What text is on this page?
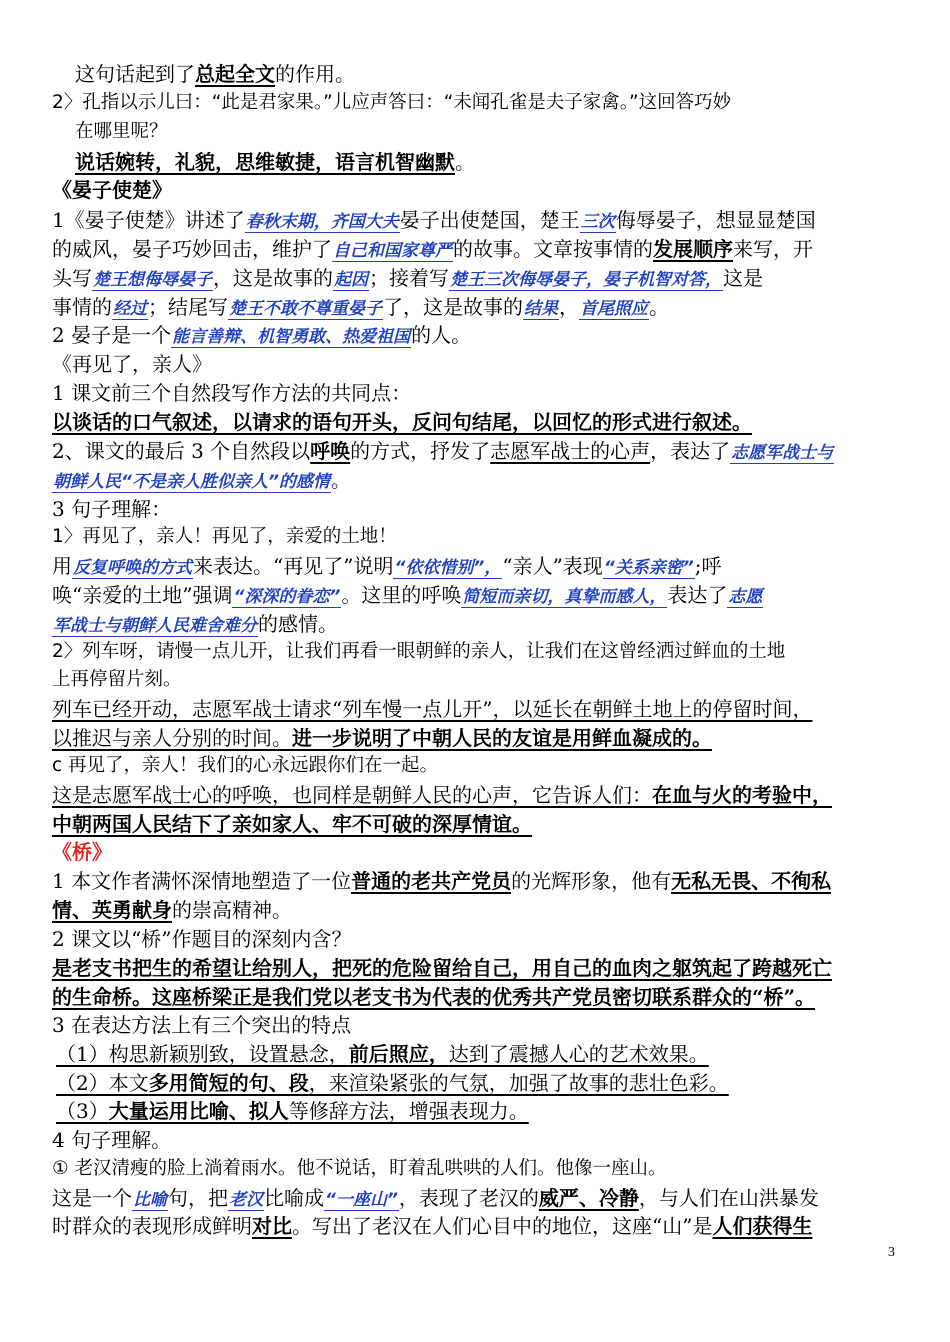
这句话起到了总起全文的作用。
2〉孔指以示儿曰：“此是君家果。”儿应声答曰：“未闻孔雀是夫子家禽。”这回答巧妙
在哪里呢？
说话婉转，礼貌，思维敏捷，语言机智幽默。
《晏子使楚》
1《晏子使楚》讲述了春秋末期，齐国大夫晏子出使楚国，楚王三次侮辱晏子，想显显楚国
的威风，晏子巧妙回击，维护了自己和国家尊严的故事。文章按事情的发展顺序来写，开
头写楚王想侮辱晏子，这是故事的起因；接着写楚王三次侮辱晏子，晏子机智对答，这是
事情的经过；结尾写楚王不敢不尊重晏子了，这是故事的结果，首尾照应。
2 晏子是一个能言善辩、机智勇敢、热爱祖国的人。
《再见了，亲人》
1 课文前三个自然段写作方法的共同点：
以谈话的口气叙述，以请求的语句开头，反问句结尾，以回忆的形式进行叙述。
2、课文的最后 3 个自然段以呼唤的方式，抒发了志愿军战士的心声，表达了志愿军战士与
朝鲜人民“不是亲人胜似亲人”的感情。
3 句子理解：
1〉再见了，亲人！再见了，亲爱的土地！
用反复呼唤的方式来表达。“再见了”说明“依依惜别”，“亲人”表现“关系亲密”;呼
唤“亲爱的土地”强调“深深的眷恋”。这里的呼唤简短而亲切，真挚而感人，表达了志愿
军战士与朝鲜人民难舍难分的感情。
2〉列车呀，请慢一点儿开，让我们再看一眼朝鲜的亲人，让我们在这曾经洒过鲜血的土地
上再停留片刻。
列车已经开动，志愿军战士请求“列车慢一点儿开”，以延长在朝鲜土地上的停留时间，
以推迟与亲人分别的时间。进一步说明了中朝人民的友谊是用鲜血凝成的。
c 再见了，亲人！我们的心永远跟你们在一起。
这是志愿军战士心的呼唤，也同样是朝鲜人民的心声，它告诉人们：在血与火的考验中，
中朝两国人民结下了亲如家人、牢不可破的深厚情谊。
《桥》
1 本文作者满怀深情地塑造了一位普通的老共产党员的光辉形象，他有无私无畏、不徇私
情、英勇献身的崇高精神。
2 课文以“桥”作题目的深刻内含？
是老支书把生的希望让给别人，把死的危险留给自己，用自己的血肉之躯筑起了跨越死亡
的生命桥。这座桥梁正是我们党以老支书为代表的优秀共产党员密切联系群众的“桥”。
3 在表达方法上有三个突出的特点
（1）构思新颖别致，设置悬念，前后照应，达到了震撼人心的艺术效果。
（2）本文多用简短的句、段，来渲染紧张的气氛，加强了故事的悲壮色彩。
（3）大量运用比喻、拟人等修辞方法，增强表现力。
4 句子理解。
① 老汉清瘦的脸上淌着雨水。他不说话，盯着乱哄哄的人们。他像一座山。
这是一个比喻句，把老汉比喻成“一座山”，表现了老汉的威严、冷静，与人们在山洪暴发
时群众的表现形成鲜明对比。写出了老汉在人们心目中的地位，这座“山”是人们获得生
3
